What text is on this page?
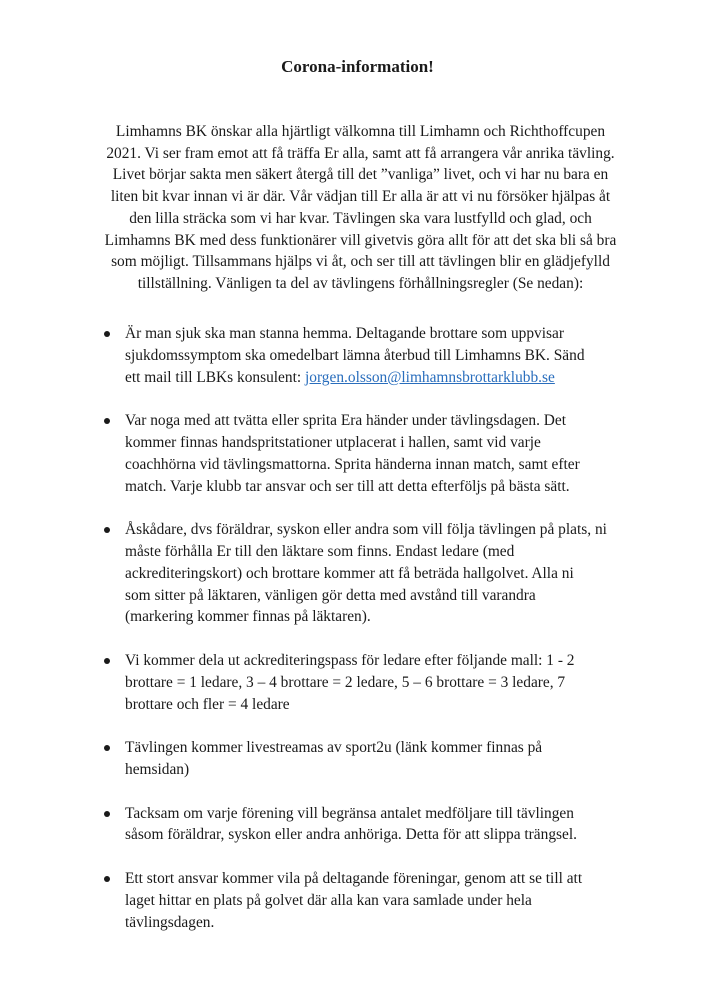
Corona-information!
Limhamns BK önskar alla hjärtligt välkomna till Limhamn och Richthoffcupen
2021. Vi ser fram emot att få träffa Er alla, samt att få arrangera vår anrika tävling.
Livet börjar sakta men säkert återgå till det ”vanliga” livet, och vi har nu bara en
liten bit kvar innan vi är där. Vår vädjan till Er alla är att vi nu försöker hjälpas åt
den lilla sträcka som vi har kvar. Tävlingen ska vara lustfylld och glad, och
Limhamns BK med dess funktionärer vill givetvis göra allt för att det ska bli så bra
som möjligt. Tillsammans hjälps vi åt, och ser till att tävlingen blir en glädjefylld
tillställning. Vänligen ta del av tävlingens förhållningsregler (Se nedan):
Är man sjuk ska man stanna hemma. Deltagande brottare som uppvisar
sjukdomssymptom ska omedelbart lämna återbud till Limhamns BK. Sänd
ett mail till LBKs konsulent: jorgen.olsson@limhamnsbrottarklubb.se
Var noga med att tvätta eller sprita Era händer under tävlingsdagen. Det
kommer finnas handspritstationer utplacerat i hallen, samt vid varje
coachhörna vid tävlingsmattorna. Sprita händerna innan match, samt efter
match. Varje klubb tar ansvar och ser till att detta efterföljs på bästa sätt.
Åskådare, dvs föräldrar, syskon eller andra som vill följa tävlingen på plats, ni
måste förhålla Er till den läktare som finns. Endast ledare (med
ackrediteringskort) och brottare kommer att få beträda hallgolvet. Alla ni
som sitter på läktaren, vänligen gör detta med avstånd till varandra
(markering kommer finnas på läktaren).
Vi kommer dela ut ackrediteringspass för ledare efter följande mall: 1 - 2
brottare = 1 ledare, 3 – 4 brottare = 2 ledare, 5 – 6 brottare = 3 ledare, 7
brottare och fler = 4 ledare
Tävlingen kommer livestreamas av sport2u (länk kommer finnas på
hemsidan)
Tacksam om varje förening vill begränsa antalet medföljare till tävlingen
såsom föräldrar, syskon eller andra anhöriga. Detta för att slippa trängsel.
Ett stort ansvar kommer vila på deltagande föreningar, genom att se till att
laget hittar en plats på golvet där alla kan vara samlade under hela
tävlingsdagen.
